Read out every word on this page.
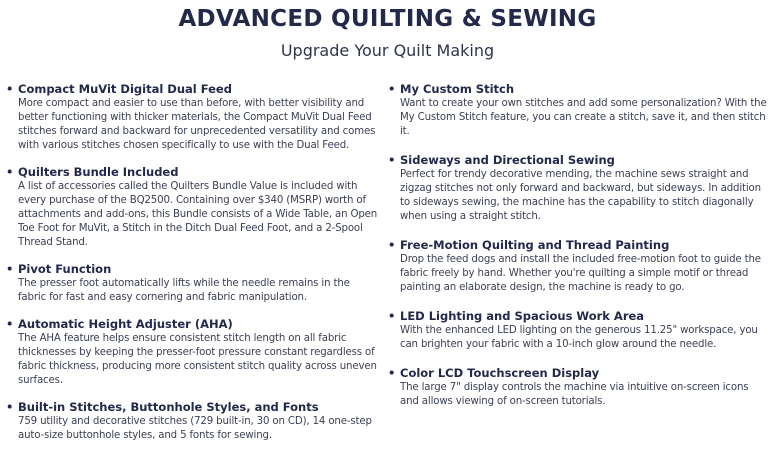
ADVANCED QUILTING & SEWING
Upgrade Your Quilt Making
• Compact MuVit Digital Dual Feed
More compact and easier to use than before, with better visibility and better functioning with thicker materials, the Compact MuVit Dual Feed stitches forward and backward for unprecedented versatility and comes with various stitches chosen specifically to use with the Dual Feed.
• Quilters Bundle Included
A list of accessories called the Quilters Bundle Value is included with every purchase of the BQ2500. Containing over $340 (MSRP) worth of attachments and add-ons, this Bundle consists of a Wide Table, an Open Toe Foot for MuVit, a Stitch in the Ditch Dual Feed Foot, and a 2-Spool Thread Stand.
• Pivot Function
The presser foot automatically lifts while the needle remains in the fabric for fast and easy cornering and fabric manipulation.
• Automatic Height Adjuster (AHA)
The AHA feature helps ensure consistent stitch length on all fabric thicknesses by keeping the presser-foot pressure constant regardless of fabric thickness, producing more consistent stitch quality across uneven surfaces.
• Built-in Stitches, Buttonhole Styles, and Fonts
759 utility and decorative stitches (729 built-in, 30 on CD), 14 one-step auto-size buttonhole styles, and 5 fonts for sewing.
• My Custom Stitch
Want to create your own stitches and add some personalization? With the My Custom Stitch feature, you can create a stitch, save it, and then stitch it.
• Sideways and Directional Sewing
Perfect for trendy decorative mending, the machine sews straight and zigzag stitches not only forward and backward, but sideways. In addition to sideways sewing, the machine has the capability to stitch diagonally when using a straight stitch.
• Free-Motion Quilting and Thread Painting
Drop the feed dogs and install the included free-motion foot to guide the fabric freely by hand. Whether you're quilting a simple motif or thread painting an elaborate design, the machine is ready to go.
• LED Lighting and Spacious Work Area
With the enhanced LED lighting on the generous 11.25" workspace, you can brighten your fabric with a 10-inch glow around the needle.
• Color LCD Touchscreen Display
The large 7" display controls the machine via intuitive on-screen icons and allows viewing of on-screen tutorials.
